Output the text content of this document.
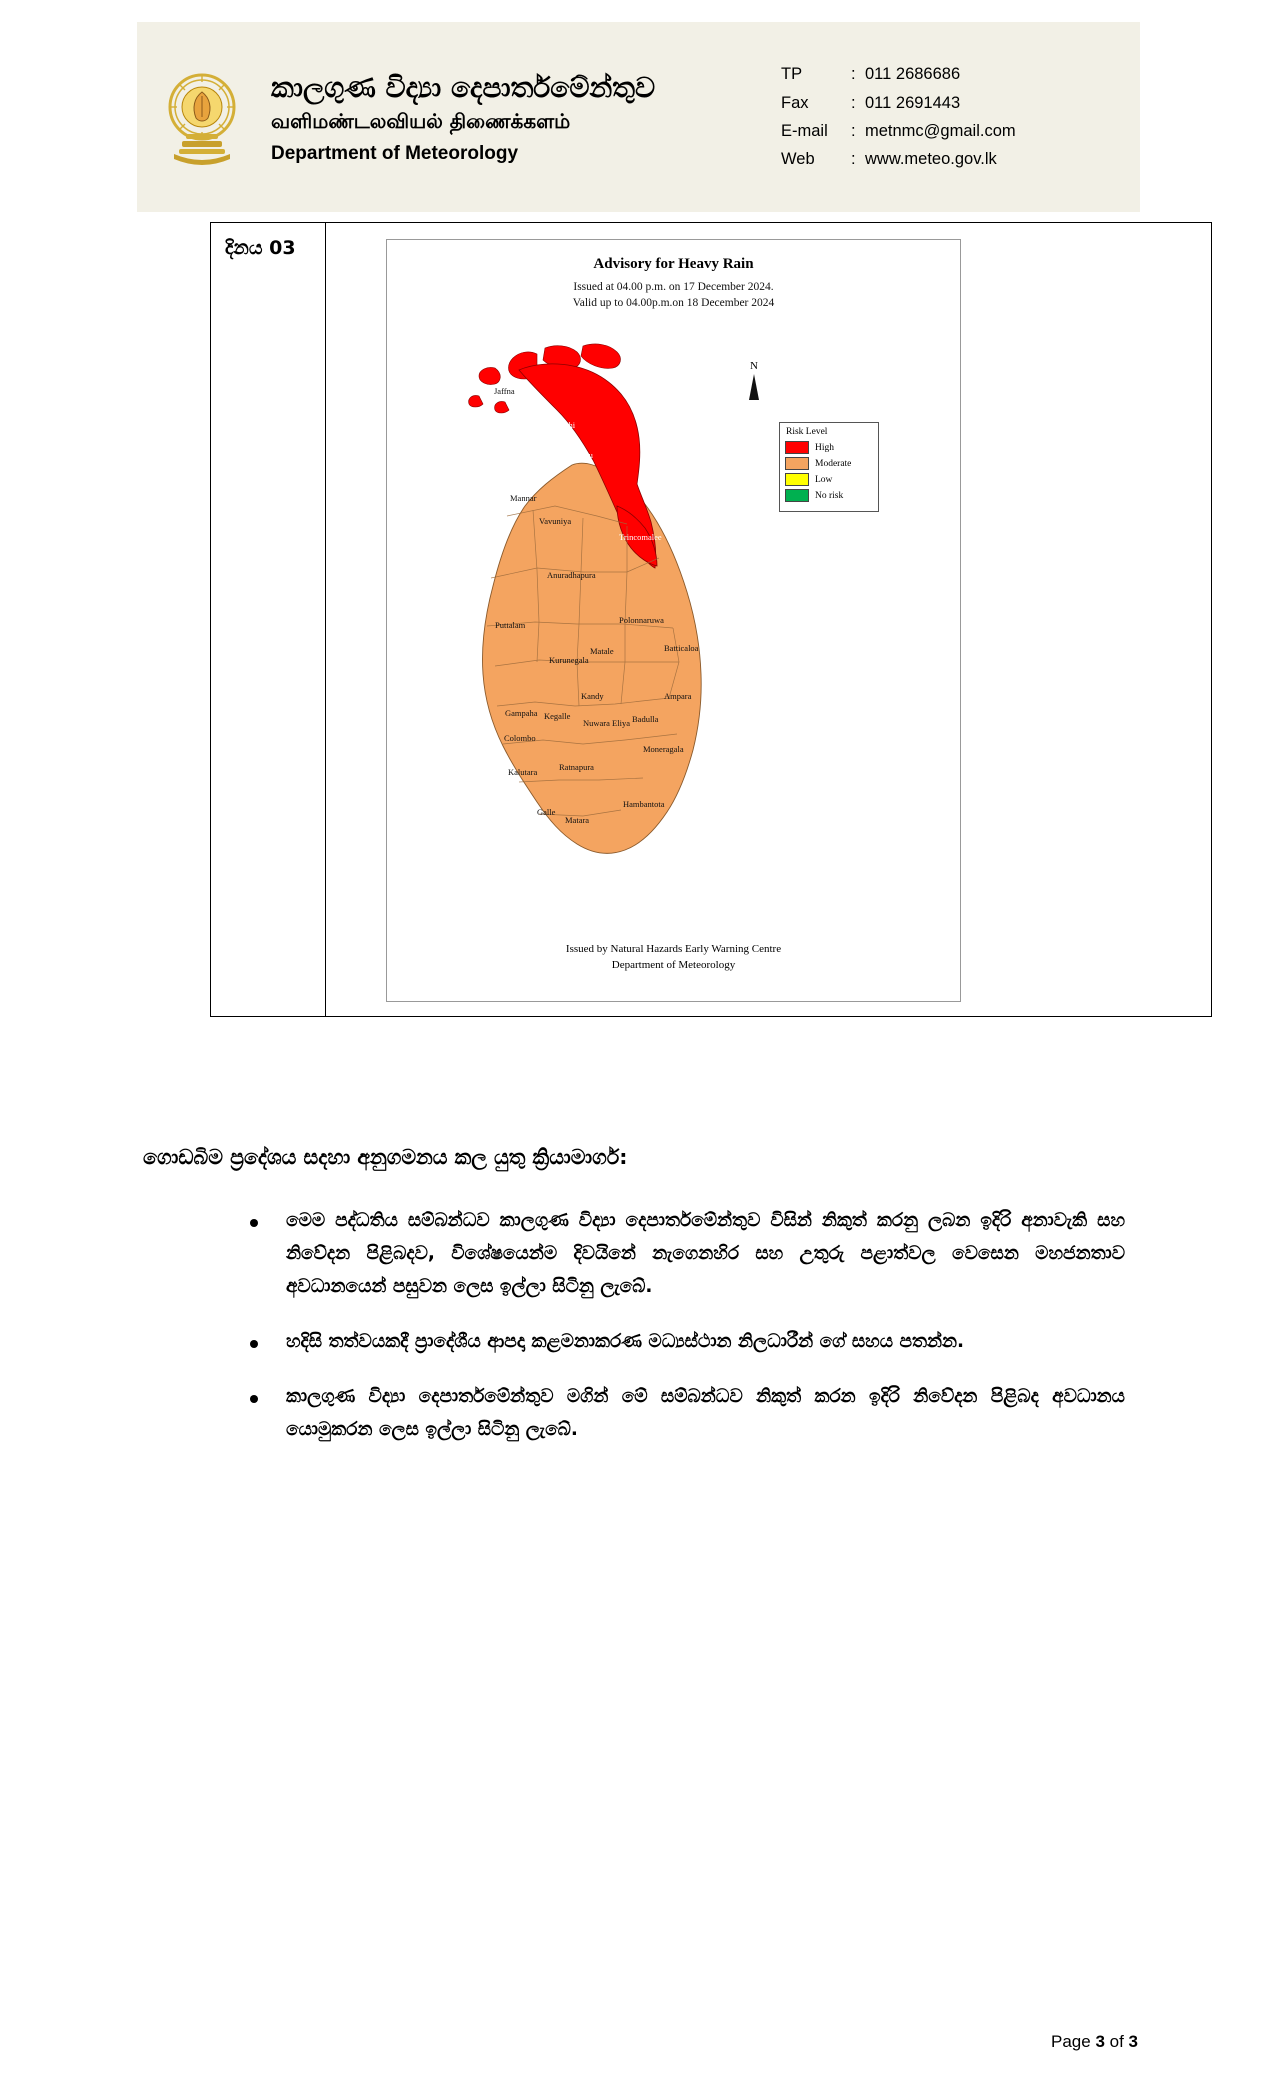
කාලගුණ විද්‍යා දෙපාර්තමේන්තුව
வளிமண்டலவியல் திணைக்களம்
Department of Meteorology
TP	: 011 2686686
Fax	: 011 2691443
E-mail	: metnmc@gmail.com
Web	: www.meteo.gov.lk
දිනය 03
Advisory for Heavy Rain
Issued at 04.00 p.m. on 17 December 2024.
Valid up to 04.00p.m.on 18 December 2024
N
Risk Level
High
Moderate
Low
No risk
Kilinochchi
Mullaitivu
Jaffna
Mannar
Vavuniya
Anuradhapura
Trincomalee
Puttalam	Polonnaruwa
Kurunegala
Matale	Batticaloa
Kandy	Ampara
Gampaha Kegalle
Nuwara Eliya Badulla
Colombo
Moneragala
Kalutara	Ratnapura
Hambantota
Galle
Matara
Issued by Natural Hazards Early Warning Centre
Department of Meteorology
ගොඩබිම ප්‍රදේශය සදහා අනුගමනය කල යුතු ක්‍රියාමාර්ග:
මෙම පද්ධතිය සම්බන්ධව කාලගුණ විද්‍යා දෙපාර්තමේන්තුව විසින් නිකුත් කරනු ලබන ඉදිරි අනාවැකි සහ නිවේදන පිළිබදව, විශේෂයෙන්ම දිවයිනේ නැගෙනහිර සහ උතුරු පළාත්වල වෙසෙන මහජනතාව අවධානයෙන් පසුවන ලෙස ඉල්ලා සිටිනු ලැබේ.
හදිසි තත්වයකදී ප්‍රාදේශීය ආපදා කළමනාකරණ මධ්‍යස්ථාන නිලධාරීන් ගේ සහය පතන්න.
කාලගුණ විද්‍යා දෙපාර්තමේන්තුව මගින් මේ සම්බන්ධව නිකුත් කරන ඉදිරි නිවේදන පිළිබද අවධානය යොමුකරන ලෙස ඉල්ලා සිටිනු ලැබේ.
Page 3 of 3
